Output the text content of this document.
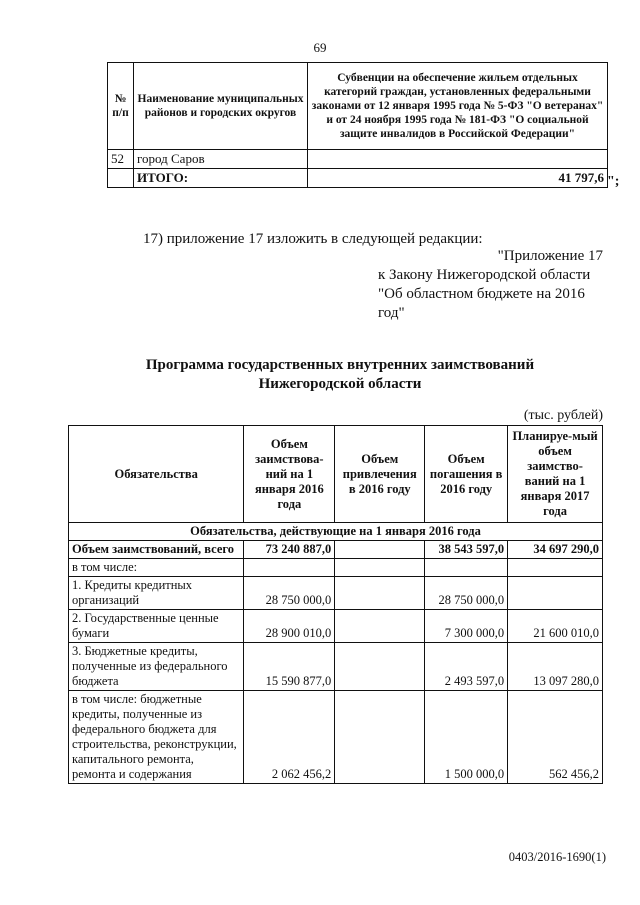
69
№ п/п	Наименование муниципальных районов и городских округов	Субвенции на обеспечение жильем отдельных категорий граждан, установленных федеральными законами от 12 января 1995 года № 5-ФЗ "О ветеранах" и от 24 ноября 1995 года № 181-ФЗ "О социальной защите инвалидов в Российской Федерации"
52	город Саров	
	ИТОГО:	41 797,6 ";
17) приложение 17 изложить в следующей редакции:
"Приложение 17
к Закону Нижегородской области
"Об областном бюджете на 2016
год"
Программа государственных внутренних заимствований
Нижегородской области
(тыс. рублей)
Обязательства	Объем заимствова-ний на 1 января 2016 года	Объем привлечения в 2016 году	Объем погашения в 2016 году	Планируе-мый объем заимство-ваний на 1 января 2017 года
Обязательства, действующие на 1 января 2016 года				
Объем заимствований, всего	73 240 887,0		38 543 597,0	34 697 290,0
в том числе:				
1. Кредиты кредитных организаций	28 750 000,0		28 750 000,0	
2. Государственные ценные бумаги	28 900 010,0		7 300 000,0	21 600 010,0
3. Бюджетные кредиты, полученные из федерального бюджета	15 590 877,0		2 493 597,0	13 097 280,0
в том числе: бюджетные кредиты, полученные из федерального бюджета для строительства, реконструкции, капитального ремонта, ремонта и содержания	2 062 456,2		1 500 000,0	562 456,2
0403/2016-1690(1)
